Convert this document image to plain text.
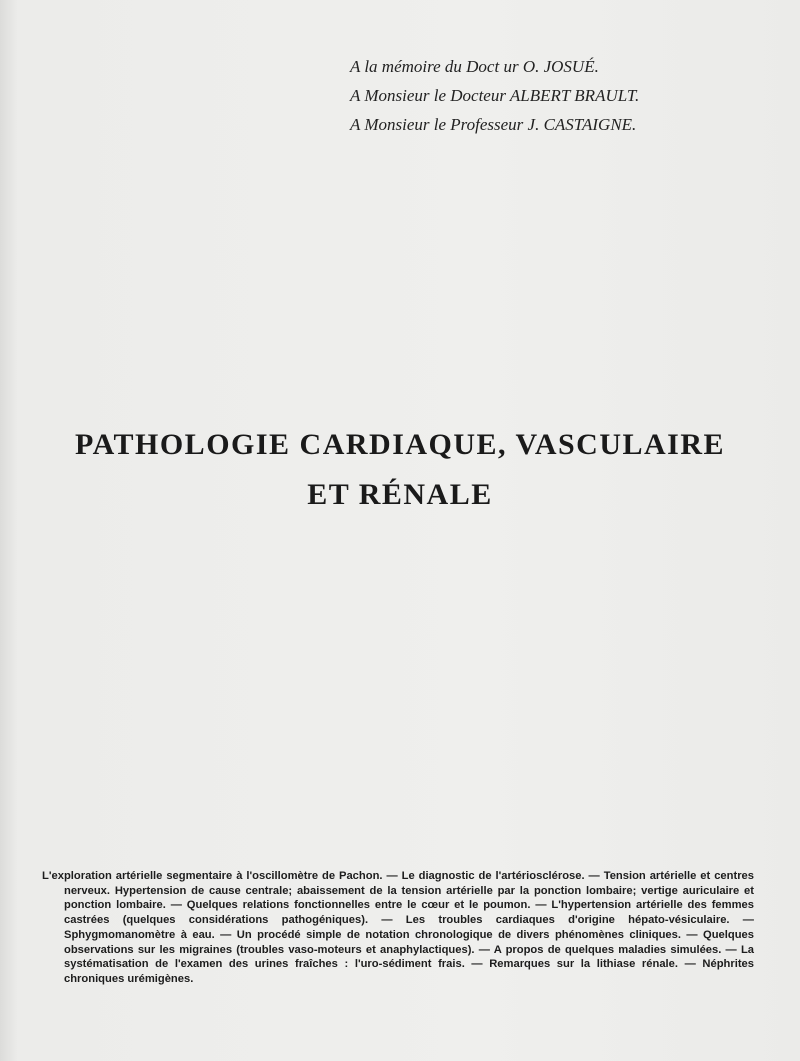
A la mémoire du Doct ur O. JOSUÉ.
A Monsieur le Docteur ALBERT BRAULT.
A Monsieur le Professeur J. CASTAIGNE.
PATHOLOGIE CARDIAQUE, VASCULAIRE
ET RÉNALE
L'exploration artérielle segmentaire à l'oscillomètre de Pachon. — Le diagnostic de l'artériosclérose. — Tension artérielle et centres nerveux. Hypertension de cause centrale; abaissement de la tension artérielle par la ponction lombaire; vertige auriculaire et ponction lombaire. — Quelques relations fonctionnelles entre le cœur et le poumon. — L'hypertension artérielle des femmes castrées (quelques considérations pathogéniques). — Les troubles cardiaques d'origine hépato-vésiculaire. — Sphygmomanomètre à eau. — Un procédé simple de notation chronologique de divers phénomènes cliniques. — Quelques observations sur les migraines (troubles vaso-moteurs et anaphylactiques). — A propos de quelques maladies simulées. — La systématisation de l'examen des urines fraîches : l'uro-sédiment frais. — Remarques sur la lithiase rénale. — Néphrites chroniques urémigènes.
